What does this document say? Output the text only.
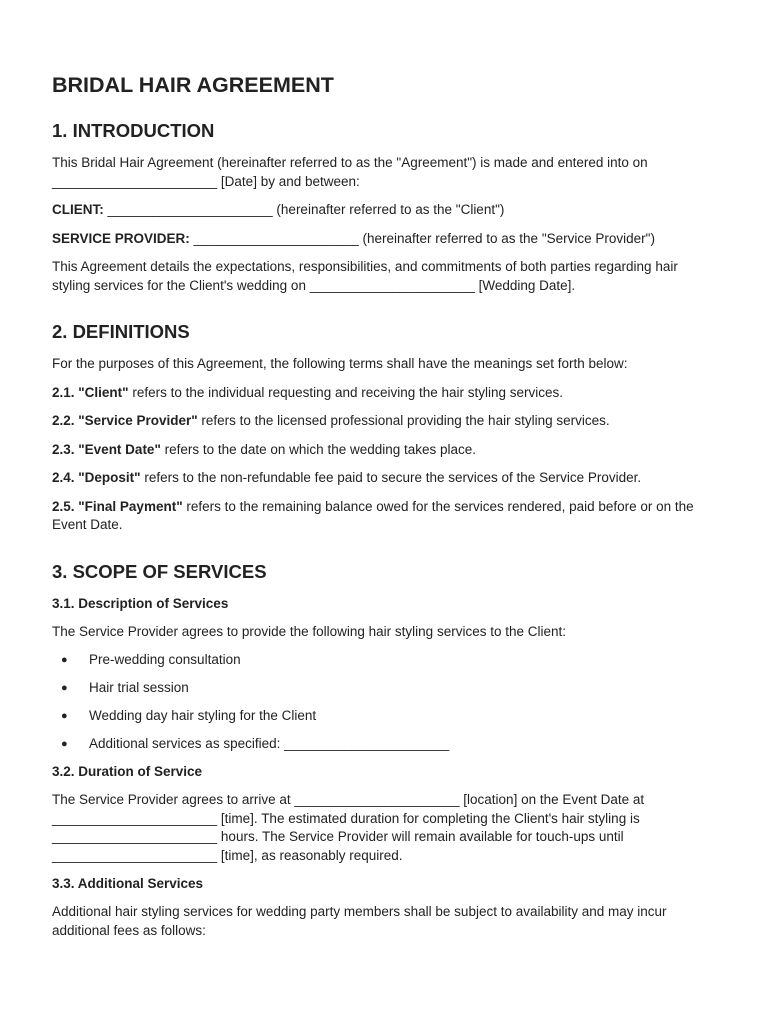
BRIDAL HAIR AGREEMENT
1. INTRODUCTION

This Bridal Hair Agreement (hereinafter referred to as the "Agreement") is made and entered into on ______________________ [Date] by and between:

CLIENT: ______________________ (hereinafter referred to as the "Client")

SERVICE PROVIDER: ______________________ (hereinafter referred to as the "Service Provider")

This Agreement details the expectations, responsibilities, and commitments of both parties regarding hair styling services for the Client's wedding on ______________________ [Wedding Date].

2. DEFINITIONS

For the purposes of this Agreement, the following terms shall have the meanings set forth below:

2.1. "Client" refers to the individual requesting and receiving the hair styling services.

2.2. "Service Provider" refers to the licensed professional providing the hair styling services.

2.3. "Event Date" refers to the date on which the wedding takes place.

2.4. "Deposit" refers to the non-refundable fee paid to secure the services of the Service Provider.

2.5. "Final Payment" refers to the remaining balance owed for the services rendered, paid before or on the Event Date.

3. SCOPE OF SERVICES
3.1. Description of Services

The Service Provider agrees to provide the following hair styling services to the Client:

● Pre-wedding consultation
● Hair trial session
● Wedding day hair styling for the Client
● Additional services as specified: ______________________
3.2. Duration of Service

The Service Provider agrees to arrive at ______________________ [location] on the Event Date at ______________________ [time]. The estimated duration for completing the Client's hair styling is ______________________ hours. The Service Provider will remain available for touch-ups until ______________________ [time], as reasonably required.

3.3. Additional Services

Additional hair styling services for wedding party members shall be subject to availability and may incur additional fees as follows:
